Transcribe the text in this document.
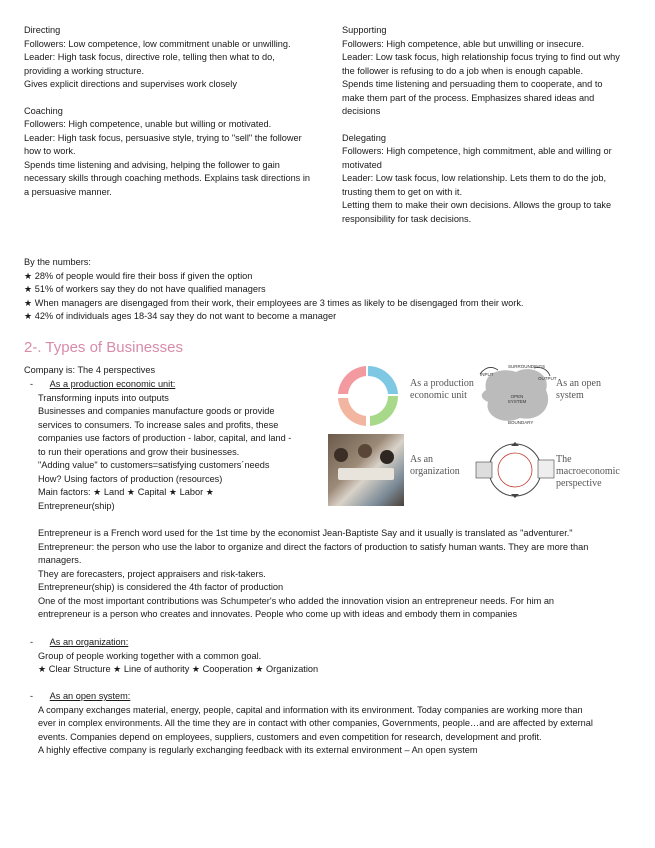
Directing

Followers: Low competence, low commitment unable or unwilling.

Leader: High task focus, directive role, telling then what to do,

providing a working structure.

Gives explicit directions and supervises work closely

Coaching

Followers: High competence, unable but willing or motivated.

Leader: High task focus, persuasive style, trying to "sell" the follower

how to work.

Spends time listening and advising, helping the follower to gain

necessary skills through coaching methods. Explains task directions in

a persuasive manner.

Supporting

Followers: High competence, able but unwilling or insecure.

Leader: Low task focus, high relationship focus trying to find out why

the follower is refusing to do a job when is enough capable.

Spends time listening and persuading them to cooperate, and to

make them part of the process. Emphasizes shared ideas and

decisions

Delegating

Followers: High competence, high commitment, able and willing or

motivated

Leader: Low task focus, low relationship. Lets them to do the job,

trusting them to get on with it.

Letting them to make their own decisions. Allows the group to take

responsibility for task decisions.

By the numbers:

★ 28% of people would fire their boss if given the option

★ 51% of workers say they do not have qualified managers

★ When managers are disengaged from their work, their employees are 3 times as likely to be disengaged from their work.

★ 42% of individuals ages 18-34 say they do not want to become a manager

2-. Types of Businesses
Company is: The 4 perspectives

- As a production economic unit:

Transforming inputs into outputs

Businesses and companies manufacture goods or provide

services to consumers. To increase sales and profits, these

companies use factors of production - labor, capital, and land -

to run their operations and grow their businesses.

"Adding value" to customers=satisfying customers´needs

How? Using factors of production (resources)

Main factors: ★ Land ★ Capital ★ Labor ★

Entrepreneur(ship)

As a production economic unit
SURROUNDINGS
OPEN SYSTEM
BOUNDARY
INPUT
OUTPUT As an open system
As an organization
The macroeconomic perspective

Entrepreneur is a French word used for the 1st time by the economist Jean-Baptiste Say and it usually is translated as "adventurer."

Entrepreneur: the person who use the labor to organize and direct the factors of production to satisfy human wants. They are more than

managers.

They are forecasters, project appraisers and risk-takers.

Entrepreneur(ship) is considered the 4th factor of production

One of the most important contributions was Schumpeter's who added the innovation vision an entrepreneur needs. For him an

entrepreneur is a person who creates and innovates. People who come up with ideas and embody them in companies

- As an organization:

Group of people working together with a common goal.

★ Clear Structure ★ Line of authority ★ Cooperation ★ Organization

- As an open system:

A company exchanges material, energy, people, capital and information with its environment. Today companies are working more than

ever in complex environments. All the time they are in contact with other companies, Governments, people…and are affected by external

events. Companies depend on employees, suppliers, customers and even competition for research, development and profit.

A highly effective company is regularly exchanging feedback with its external environment – An open system
